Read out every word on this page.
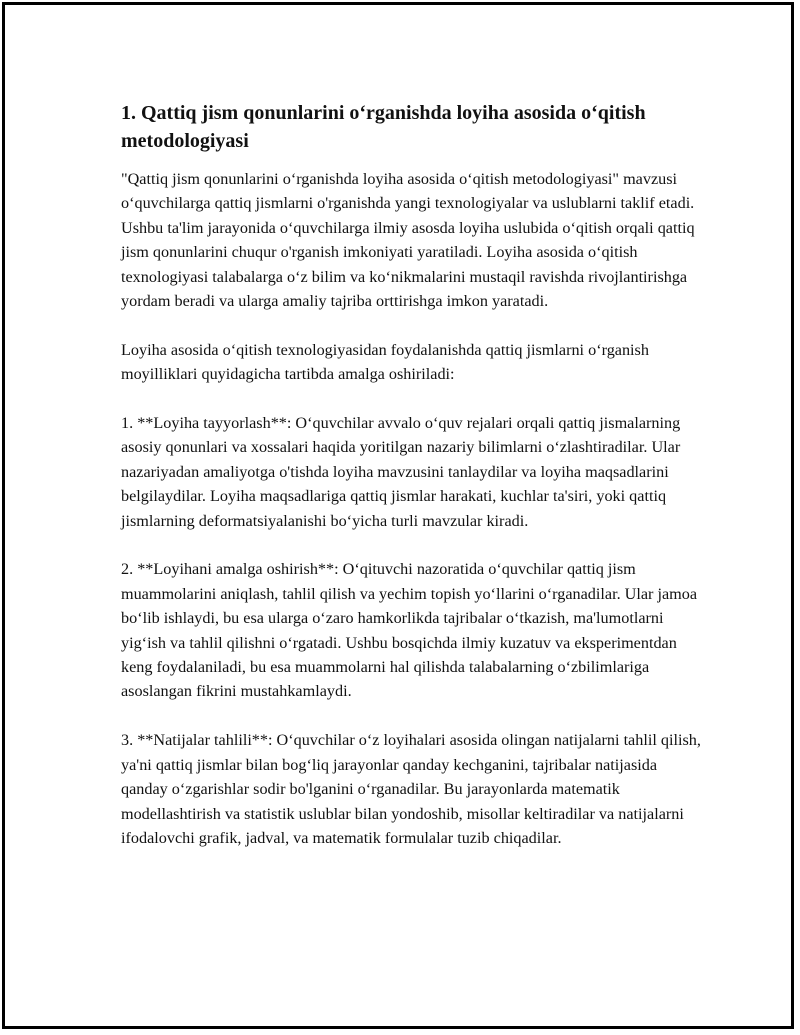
1. Qattiq jism qonunlarini o‘rganishda loyiha asosida o‘qitish metodologiyasi

"Qattiq jism qonunlarini o‘rganishda loyiha asosida o‘qitish metodologiyasi" mavzusi o‘quvchilarga qattiq jismlarni o'rganishda yangi texnologiyalar va uslublarni taklif etadi. Ushbu ta'lim jarayonida o‘quvchilarga ilmiy asosda loyiha uslubida o‘qitish orqali qattiq jism qonunlarini chuqur o'rganish imkoniyati yaratiladi. Loyiha asosida o‘qitish texnologiyasi talabalarga o‘z bilim va ko‘nikmalarini mustaqil ravishda rivojlantirishga yordam beradi va ularga amaliy tajriba orttirishga imkon yaratadi.

Loyiha asosida o‘qitish texnologiyasidan foydalanishda qattiq jismlarni o‘rganish moyilliklari quyidagicha tartibda amalga oshiriladi:

1. **Loyiha tayyorlash**: O‘quvchilar avvalo o‘quv rejalari orqali qattiq jismalarning asosiy qonunlari va xossalari haqida yoritilgan nazariy bilimlarni o‘zlashtiradilar. Ular nazariyadan amaliyotga o'tishda loyiha mavzusini tanlaydilar va loyiha maqsadlarini belgilaydilar. Loyiha maqsadlariga qattiq jismlar harakati, kuchlar ta'siri, yoki qattiq jismlarning deformatsiyalanishi bo‘yicha turli mavzular kiradi.

2. **Loyihani amalga oshirish**: O‘qituvchi nazoratida o‘quvchilar qattiq jism muammolarini aniqlash, tahlil qilish va yechim topish yo‘llarini o‘rganadilar. Ular jamoa bo‘lib ishlaydi, bu esa ularga o‘zaro hamkorlikda tajribalar o‘tkazish, ma'lumotlarni yig‘ish va tahlil qilishni o‘rgatadi. Ushbu bosqichda ilmiy kuzatuv va eksperimentdan keng foydalaniladi, bu esa muammolarni hal qilishda talabalarning o‘zbilimlariga asoslangan fikrini mustahkamlaydi.

3. **Natijalar tahlili**: O‘quvchilar o‘z loyihalari asosida olingan natijalarni tahlil qilish, ya'ni qattiq jismlar bilan bog‘liq jarayonlar qanday kechganini, tajribalar natijasida qanday o‘zgarishlar sodir bo'lganini o‘rganadilar. Bu jarayonlarda matematik modellashtirish va statistik uslublar bilan yondoshib, misollar keltiradilar va natijalarni ifodalovchi grafik, jadval, va matematik formulalar tuzib chiqadilar.
